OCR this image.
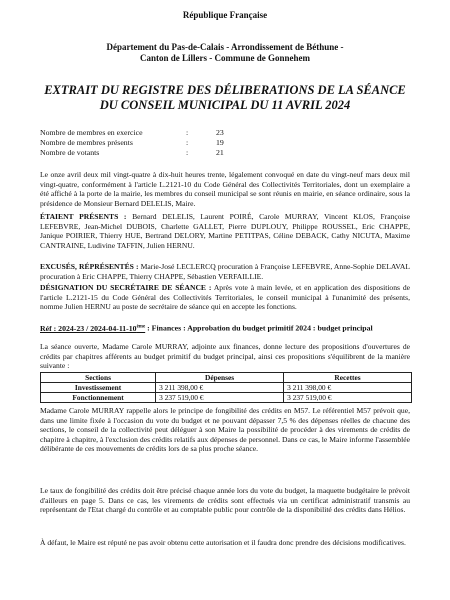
République Française
Département du Pas-de-Calais - Arrondissement de Béthune -
Canton de Lillers - Commune de Gonnehem
EXTRAIT DU REGISTRE DES DÉLIBERATIONS DE LA SÉANCE
DU CONSEIL MUNICIPAL DU 11 AVRIL 2024
Nombre de membres en exercice	:	23
Nombre de membres présents	:	19
Nombre de votants	:	21
Le onze avril deux mil vingt-quatre à dix-huit heures trente, légalement convoqué en date du vingt-neuf mars deux mil vingt-quatre, conformément à l'article L.2121-10 du Code Général des Collectivités Territoriales, dont un exemplaire a été affiché à la porte de la mairie, les membres du conseil municipal se sont réunis en mairie, en séance ordinaire, sous la présidence de Monsieur Bernard DELELIS, Maire.
ÉTAIENT PRÉSENTS : Bernard DELELIS, Laurent POIRÉ, Carole MURRAY, Vincent KLOS, Françoise LEFEBVRE, Jean-Michel DUBOIS, Charlette GALLET, Pierre DUPLOUY, Philippe ROUSSEL, Eric CHAPPE, Janique POIRIER, Thierry HUE, Bertrand DELORY, Martine PETITPAS, Céline DEBACK, Cathy NICUTA, Maxime CANTRAINE, Ludivine TAFFIN, Julien HERNU.
EXCUSÉS, RÉPRÉSENTÉS : Marie-José LECLERCQ procuration à Françoise LEFEBVRE, Anne-Sophie DELAVAL procuration à Eric CHAPPE, Thierry CHAPPE, Sébastien VERFAILLIE.
DÉSIGNATION DU SECRÉTAIRE DE SÉANCE : Après vote à main levée, et en application des dispositions de l'article L.2121-15 du Code Général des Collectivités Territoriales, le conseil municipal à l'unanimité des présents, nomme Julien HERNU au poste de secrétaire de séance qui en accepte les fonctions.
Réf : 2024-23 / 2024-04-11-10ème : Finances : Approbation du budget primitif 2024 : budget principal
La séance ouverte, Madame Carole MURRAY, adjointe aux finances, donne lecture des propositions d'ouvertures de crédits par chapitres afférents au budget primitif du budget principal, ainsi ces propositions s'équilibrent de la manière suivante :
Sections	Dépenses	Recettes
Investissement	3 211 398,00 €	3 211 398,00 €
Fonctionnement	3 237 519,00 €	3 237 519,00 €
Madame Carole MURRAY rappelle alors le principe de fongibilité des crédits en M57. Le référentiel M57 prévoit que, dans une limite fixée à l'occasion du vote du budget et ne pouvant dépasser 7,5 % des dépenses réelles de chacune des sections, le conseil de la collectivité peut déléguer à son Maire la possibilité de procéder à des virements de crédits de chapitre à chapitre, à l'exclusion des crédits relatifs aux dépenses de personnel. Dans ce cas, le Maire informe l'assemblée délibérante de ces mouvements de crédits lors de sa plus proche séance.
Le taux de fongibilité des crédits doit être précisé chaque année lors du vote du budget, la maquette budgétaire le prévoit d'ailleurs en page 5. Dans ce cas, les virements de crédits sont effectués via un certificat administratif transmis au représentant de l'Etat chargé du contrôle et au comptable public pour contrôle de la disponibilité des crédits dans Hélios.
À défaut, le Maire est réputé ne pas avoir obtenu cette autorisation et il faudra donc prendre des décisions modificatives.
